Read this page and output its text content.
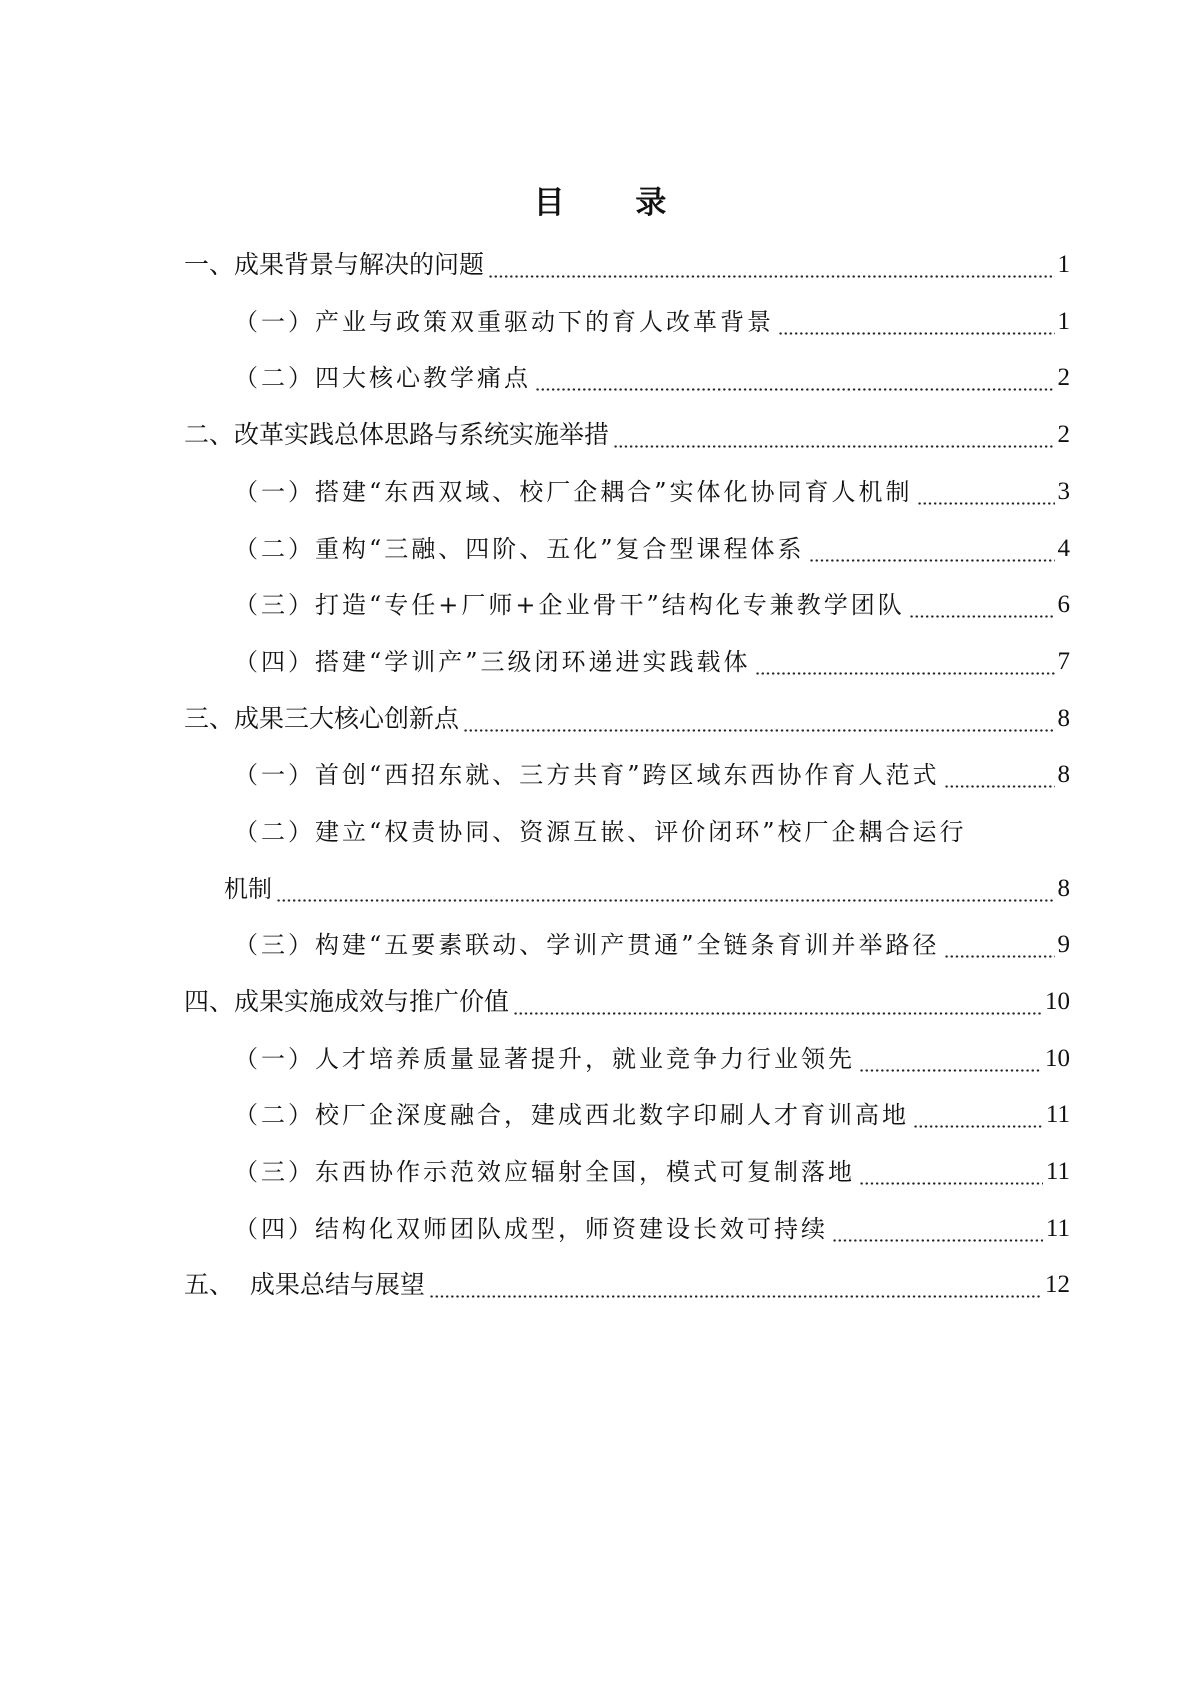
目 录
一、成果背景与解决的问题	1
（一）产业与政策双重驱动下的育人改革背景	1
（二）四大核心教学痛点	2
二、改革实践总体思路与系统实施举措	2
（一）搭建“东西双域、校厂企耦合”实体化协同育人机制	3
（二）重构“三融、四阶、五化”复合型课程体系	4
（三）打造“专任+厂师+企业骨干”结构化专兼教学团队	6
（四）搭建“学训产”三级闭环递进实践载体	7
三、成果三大核心创新点	8
（一）首创“西招东就、三方共育”跨区域东西协作育人范式	8
（二）建立“权责协同、资源互嵌、评价闭环”校厂企耦合运行
机制	8
（三）构建“五要素联动、学训产贯通”全链条育训并举路径	9
四、成果实施成效与推广价值	10
（一）人才培养质量显著提升，就业竞争力行业领先	10
（二）校厂企深度融合，建成西北数字印刷人才育训高地	11
（三）东西协作示范效应辐射全国，模式可复制落地	11
（四）结构化双师团队成型，师资建设长效可持续	11
五、  成果总结与展望	12
